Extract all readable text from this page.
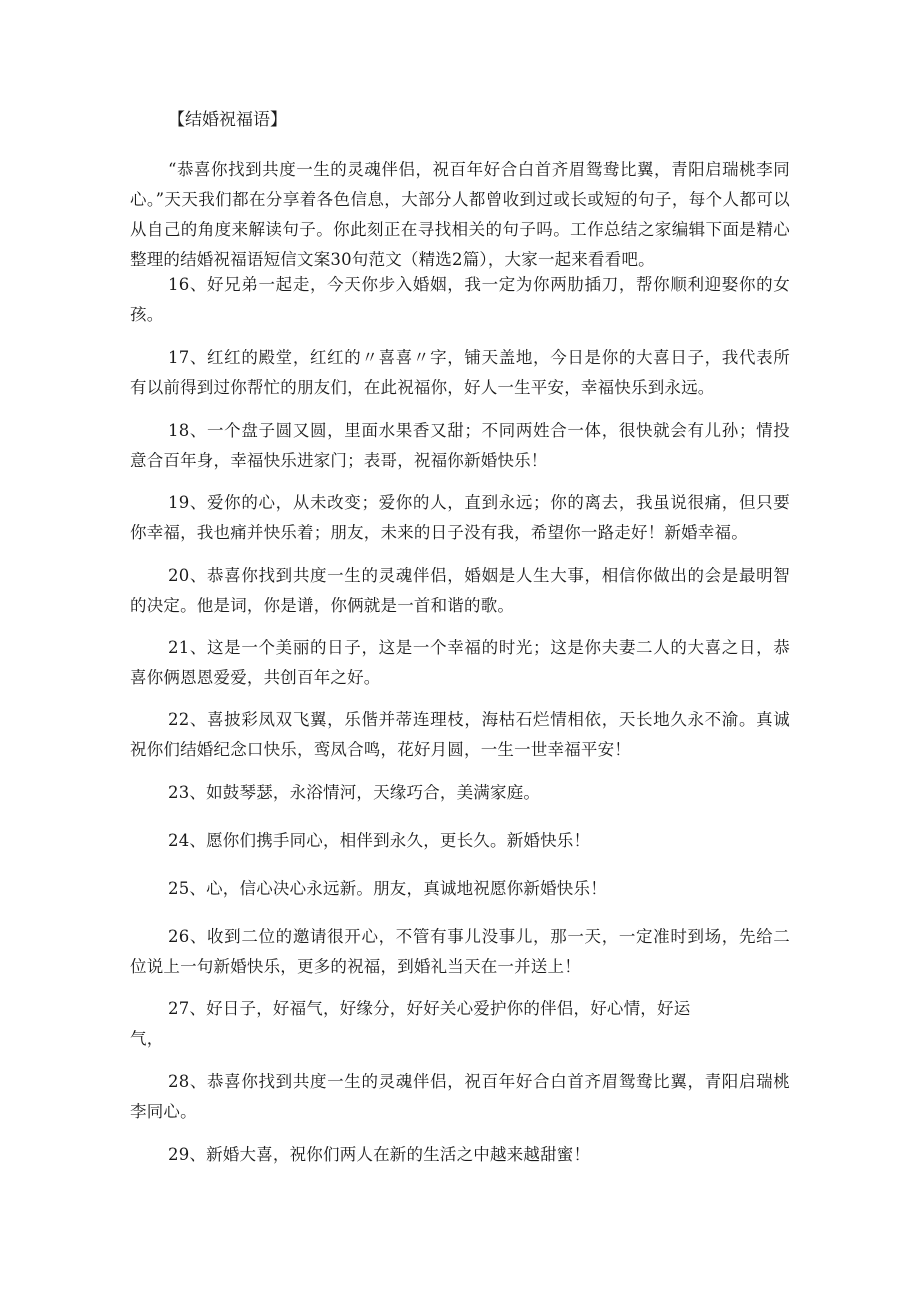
【结婚祝福语】

“恭喜你找到共度一生的灵魂伴侣，祝百年好合白首齐眉鸳鸯比翼，青阳启瑞桃李同心。”天天我们都在分享着各色信息，大部分人都曾收到过或长或短的句子，每个人都可以从自己的角度来解读句子。你此刻正在寻找相关的句子吗。工作总结之家编辑下面是精心整理的结婚祝福语短信文案30句范文（精选2篇），大家一起来看看吧。

16、好兄弟一起走，今天你步入婚姻，我一定为你两肋插刀，帮你顺利迎娶你的女孩。

17、红红的殿堂，红红的〃喜喜〃字，铺天盖地，今日是你的大喜日子，我代表所有以前得到过你帮忙的朋友们，在此祝福你，好人一生平安，幸福快乐到永远。

18、一个盘子圆又圆，里面水果香又甜；不同两姓合一体，很快就会有儿孙；情投意合百年身，幸福快乐进家门；表哥，祝福你新婚快乐！

19、爱你的心，从未改变；爱你的人，直到永远；你的离去，我虽说很痛，但只要你幸福，我也痛并快乐着；朋友，未来的日子没有我，希望你一路走好！新婚幸福。

20、恭喜你找到共度一生的灵魂伴侣，婚姻是人生大事，相信你做出的会是最明智的决定。他是词，你是谱，你俩就是一首和谐的歌。

21、这是一个美丽的日子，这是一个幸福的时光；这是你夫妻二人的大喜之日，恭喜你俩恩恩爱爱，共创百年之好。

22、喜披彩凤双飞翼，乐偕并蒂连理枝，海枯石烂情相依，天长地久永不渝。真诚祝你们结婚纪念口快乐，鸾凤合鸣，花好月圆，一生一世幸福平安！

23、如鼓琴瑟，永浴情河，天缘巧合，美满家庭。

24、愿你们携手同心，相伴到永久，更长久。新婚快乐！

25、心，信心决心永远新。朋友，真诚地祝愿你新婚快乐！

26、收到二位的邀请很开心，不管有事儿没事儿，那一天，一定准时到场，先给二位说上一句新婚快乐，更多的祝福，到婚礼当天在一并送上！

27、好日子，好福气，好缘分，好好关心爱护你的伴侣，好心情，好运

气，

28、恭喜你找到共度一生的灵魂伴侣，祝百年好合白首齐眉鸳鸯比翼，青阳启瑞桃李同心。

29、新婚大喜，祝你们两人在新的生活之中越来越甜蜜！
